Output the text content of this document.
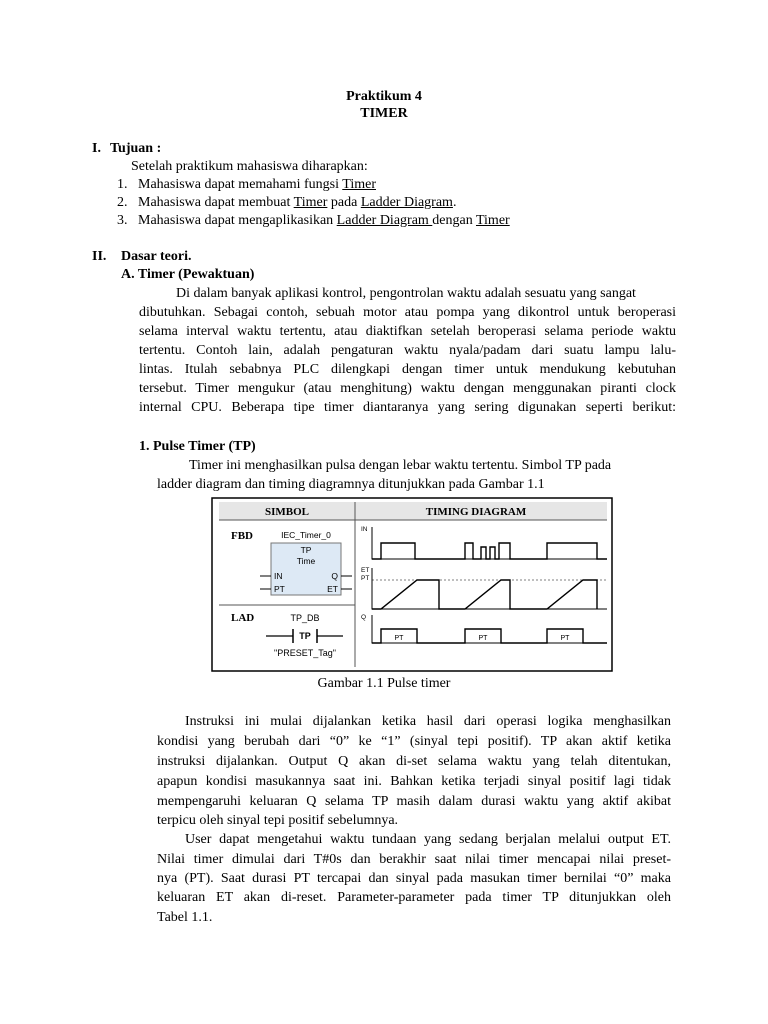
Praktikum 4
TIMER
I. Tujuan :
Setelah praktikum mahasiswa diharapkan:
1. Mahasiswa dapat memahami fungsi Timer
2. Mahasiswa dapat membuat Timer pada Ladder Diagram.
3. Mahasiswa dapat mengaplikasikan Ladder Diagram dengan Timer
II. Dasar teori.
A. Timer (Pewaktuan)
Di dalam banyak aplikasi kontrol, pengontrolan waktu adalah sesuatu yang sangat
dibutuhkan. Sebagai contoh, sebuah motor atau pompa yang dikontrol untuk beroperasi
selama interval waktu tertentu, atau diaktifkan setelah beroperasi selama periode waktu
tertentu. Contoh lain, adalah pengaturan waktu nyala/padam dari suatu lampu lalu-
lintas. Itulah sebabnya PLC dilengkapi dengan timer untuk mendukung kebutuhan
tersebut. Timer mengukur (atau menghitung) waktu dengan menggunakan piranti clock
internal CPU. Beberapa tipe timer diantaranya yang sering digunakan seperti berikut:
1. Pulse Timer (TP)
Timer ini menghasilkan pulsa dengan lebar waktu tertentu. Simbol TP pada
ladder diagram dan timing diagramnya ditunjukkan pada Gambar 1.1
SIMBOL	TIMING DIAGRAM
FBD	IEC_Timer_0
TP
Time
IN
PT
Q
ET
LAD	TP_DB
TP
"PRESET_Tag"
IN
ET
PT
Q
PT	PT	PT
Gambar 1.1 Pulse timer
Instruksi ini mulai dijalankan ketika hasil dari operasi logika menghasilkan
kondisi yang berubah dari “0” ke “1” (sinyal tepi positif). TP akan aktif ketika
instruksi dijalankan. Output Q akan di-set selama waktu yang telah ditentukan,
apapun kondisi masukannya saat ini. Bahkan ketika terjadi sinyal positif lagi tidak
mempengaruhi keluaran Q selama TP masih dalam durasi waktu yang aktif akibat
terpicu oleh sinyal tepi positif sebelumnya.
User dapat mengetahui waktu tundaan yang sedang berjalan melalui output ET.
Nilai timer dimulai dari T#0s dan berakhir saat nilai timer mencapai nilai preset-
nya (PT). Saat durasi PT tercapai dan sinyal pada masukan timer bernilai “0” maka
keluaran ET akan di-reset. Parameter-parameter pada timer TP ditunjukkan oleh
Tabel 1.1.
